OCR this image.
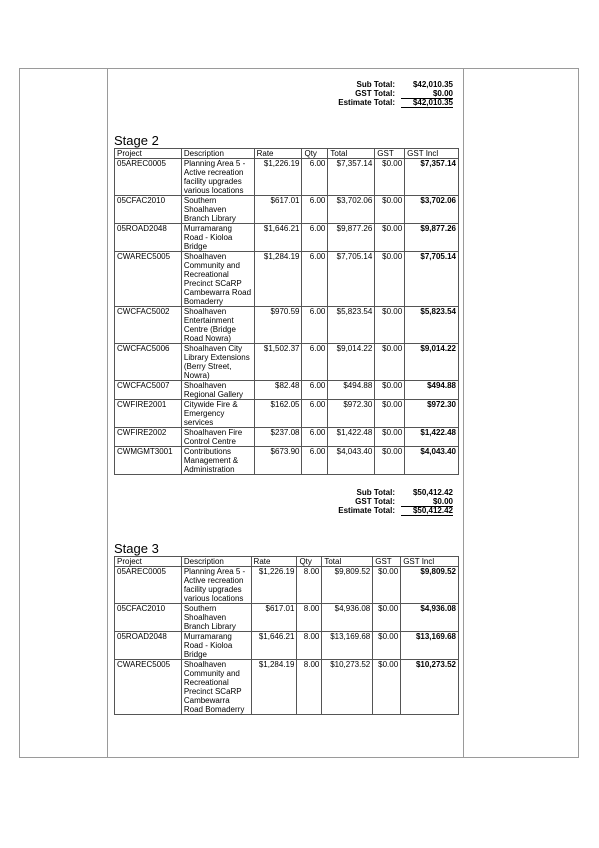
Sub Total: $42,010.35
GST Total:	$0.00
Estimate Total: $42,010.35
Stage 2
Project	Description	Rate	Qty	Total	GST	GST Incl
05AREC0005	Planning Area 5 - Active recreation facility upgrades various locations	$1,226.19	6.00	$7,357.14	$0.00	$7,357.14
05CFAC2010	Southern Shoalhaven Branch Library	$617.01	6.00	$3,702.06	$0.00	$3,702.06
05ROAD2048	Murramarang Road - Kioloa Bridge	$1,646.21	6.00	$9,877.26	$0.00	$9,877.26
CWAREC5005	Shoalhaven Community and Recreational Precinct SCaRP Cambewarra Road Bomaderry	$1,284.19	6.00	$7,705.14	$0.00	$7,705.14
CWCFAC5002	Shoalhaven Entertainment Centre (Bridge Road Nowra)	$970.59	6.00	$5,823.54	$0.00	$5,823.54
CWCFAC5006	Shoalhaven City Library Extensions (Berry Street, Nowra)	$1,502.37	6.00	$9,014.22	$0.00	$9,014.22
CWCFAC5007	Shoalhaven Regional Gallery	$82.48	6.00	$494.88	$0.00	$494.88
CWFIRE2001	Citywide Fire & Emergency services	$162.05	6.00	$972.30	$0.00	$972.30
CWFIRE2002	Shoalhaven Fire Control Centre	$237.08	6.00	$1,422.48	$0.00	$1,422.48
CWMGMT3001	Contributions Management & Administration	$673.90	6.00	$4,043.40	$0.00	$4,043.40
Sub Total: $50,412.42
GST Total:	$0.00
Estimate Total: $50,412.42
Stage 3
Project	Description	Rate	Qty	Total	GST	GST Incl
05AREC0005	Planning Area 5 - Active recreation facility upgrades various locations	$1,226.19	8.00	$9,809.52	$0.00	$9,809.52
05CFAC2010	Southern Shoalhaven Branch Library	$617.01	8.00	$4,936.08	$0.00	$4,936.08
05ROAD2048	Murramarang Road - Kioloa Bridge	$1,646.21	8.00	$13,169.68	$0.00	$13,169.68
CWAREC5005	Shoalhaven Community and Recreational Precinct SCaRP Cambewarra Road Bomaderry	$1,284.19	8.00	$10,273.52	$0.00	$10,273.52
